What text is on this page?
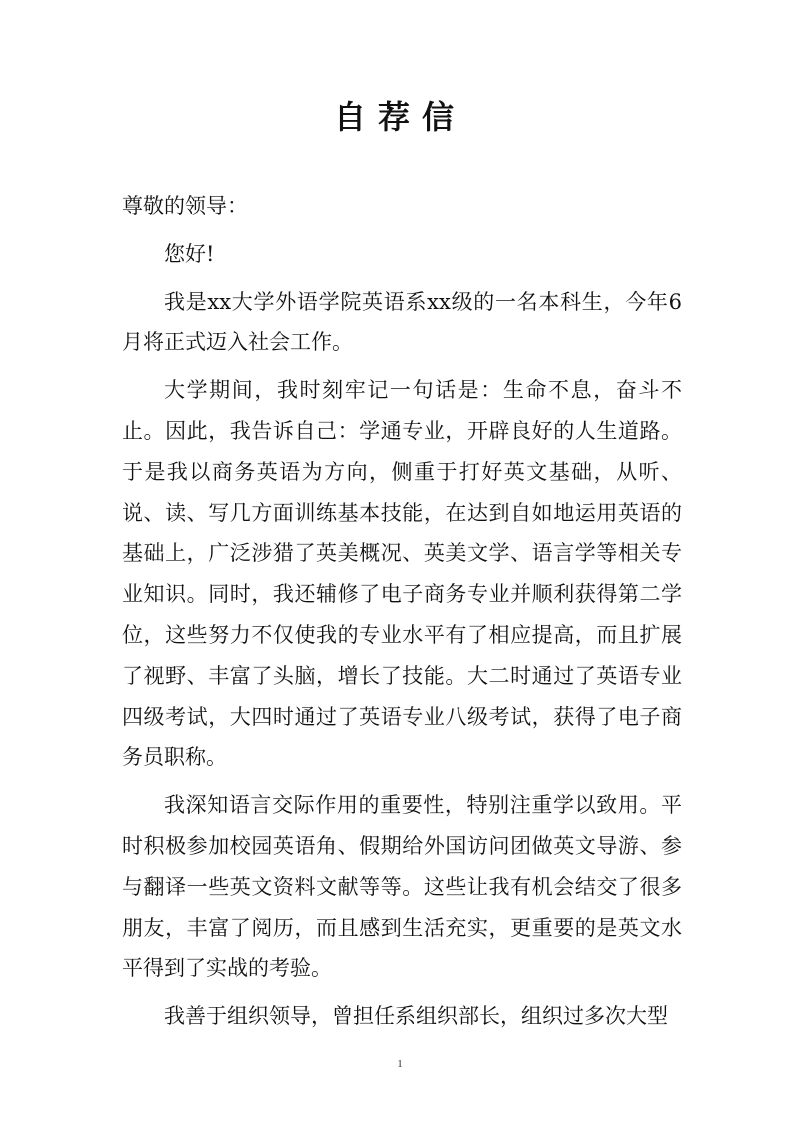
自荐信

尊敬的领导：

您好!

我是xx大学外语学院英语系xx级的一名本科生，今年6月将正式迈入社会工作。

大学期间，我时刻牢记一句话是：生命不息，奋斗不止。因此，我告诉自己：学通专业，开辟良好的人生道路。于是我以商务英语为方向，侧重于打好英文基础，从听、说、读、写几方面训练基本技能，在达到自如地运用英语的基础上，广泛涉猎了英美概况、英美文学、语言学等相关专业知识。同时，我还辅修了电子商务专业并顺利获得第二学位，这些努力不仅使我的专业水平有了相应提高，而且扩展了视野、丰富了头脑，增长了技能。大二时通过了英语专业四级考试，大四时通过了英语专业八级考试，获得了电子商务员职称。

我深知语言交际作用的重要性，特别注重学以致用。平时积极参加校园英语角、假期给外国访问团做英文导游、参与翻译一些英文资料文献等等。这些让我有机会结交了很多朋友，丰富了阅历，而且感到生活充实，更重要的是英文水平得到了实战的考验。

我善于组织领导，曾担任系组织部长，组织过多次大型

1
